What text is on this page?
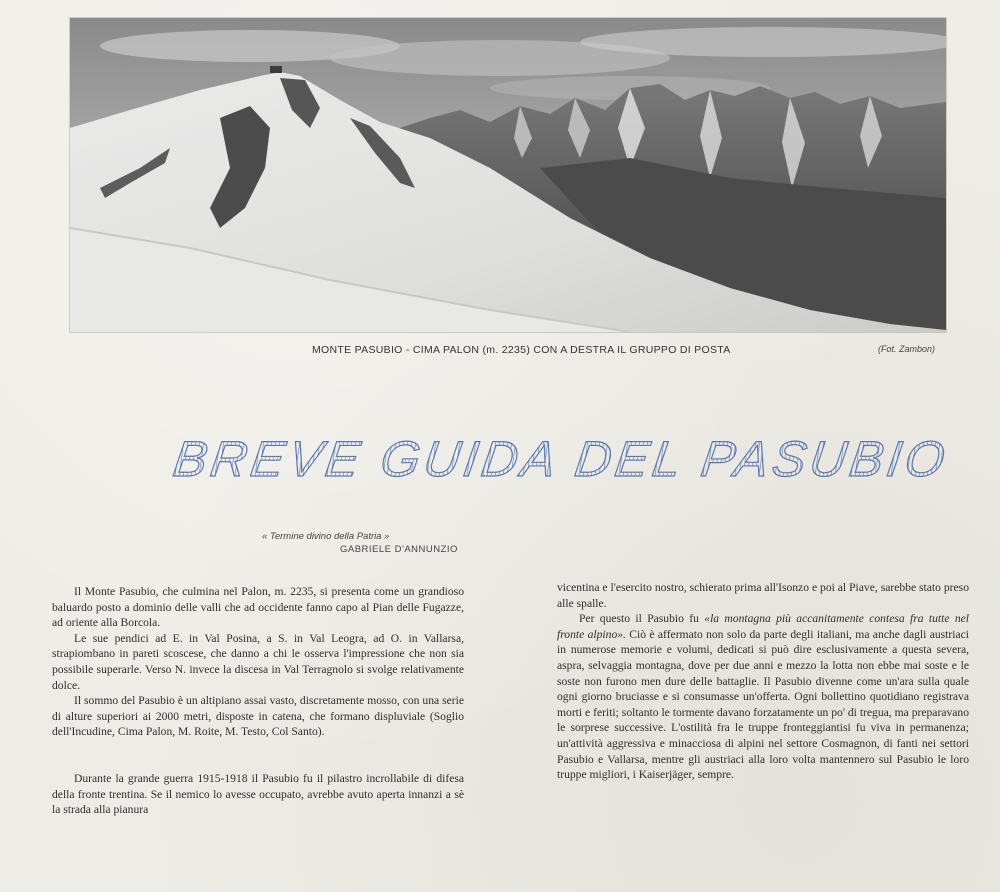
MONTE PASUBIO - CIMA PALON (m. 2235) CON A DESTRA IL GRUPPO DI POSTA	(Fot. Zambon)
BREVE GUIDA DEL PASUBIO
« Termine divino della Patria »
GABRIELE D'ANNUNZIO

Il Monte Pasubio, che culmina nel Palon, m. 2235, si presenta come un grandioso baluardo posto a dominio delle valli che ad occidente fanno capo al Pian delle Fugazze, ad oriente alla Borcola.

Le sue pendici ad E. in Val Posina, a S. in Val Leogra, ad O. in Vallarsa, strapiombano in pareti scoscese, che danno a chi le osserva l'impressione che non sia possibile superarle. Verso N. invece la discesa in Val Terragnolo si svolge relativamente dolce.

Il sommo del Pasubio è un altipiano assai vasto, discretamente mosso, con una serie di alture superiori ai 2000 metri, disposte in catena, che formano displuviale (Soglio dell'Incudine, Cima Palon, M. Roite, M. Testo, Col Santo).

Durante la grande guerra 1915-1918 il Pasubio fu il pilastro incrollabile di difesa della fronte trentina. Se il nemico lo avesse occupato, avrebbe avuto aperta innanzi a sè la strada alla pianura

vicentina e l'esercito nostro, schierato prima all'Isonzo e poi al Piave, sarebbe stato preso alle spalle.

Per questo il Pasubio fu «la montagna più accanitamente contesa fra tutte nel fronte alpino». Ciò è affermato non solo da parte degli italiani, ma anche dagli austriaci in numerose memorie e volumi, dedicati si può dire esclusivamente a questa severa, aspra, selvaggia montagna, dove per due anni e mezzo la lotta non ebbe mai soste e le soste non furono men dure delle battaglie. Il Pasubio divenne come un'ara sulla quale ogni giorno bruciasse e si consumasse un'offerta. Ogni bollettino quotidiano registrava morti e feriti; soltanto le tormente davano forzatamente un po' di tregua, ma preparavano le sorprese successive. L'ostilità fra le truppe fronteggiantisi fu viva in permanenza; un'attività aggressiva e minacciosa di alpini nel settore Cosmagnon, di fanti nei settori Pasubio e Vallarsa, mentre gli austriaci alla loro volta mantennero sul Pasubio le loro truppe migliori, i Kaiserjäger, sempre.
